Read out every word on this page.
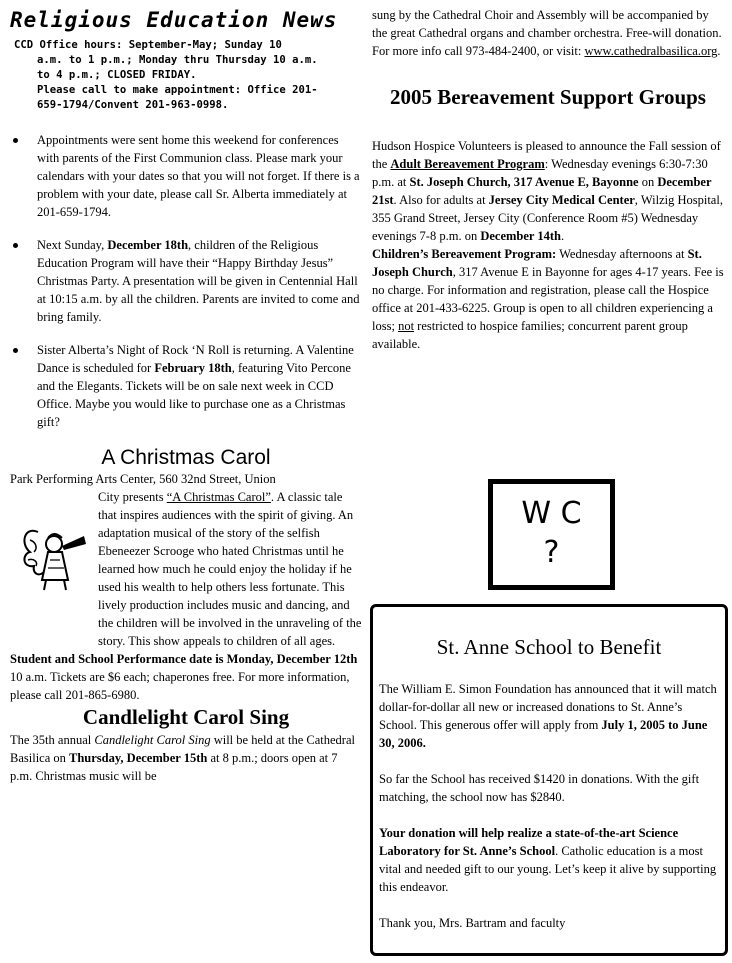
Religious Education News
CCD Office hours: September-May; Sunday 10
a.m. to 1 p.m.; Monday thru Thursday 10 a.m.
to 4 p.m.; CLOSED FRIDAY.
Please call to make appointment: Office 201-
659-1794/Convent 201-963-0998.
Appointments were sent home this weekend for conferences with parents of the First Communion class. Please mark your calendars with your dates so that you will not forget. If there is a problem with your date, please call Sr. Alberta immediately at 201-659-1794.
Next Sunday, December 18th, children of the Religious Education Program will have their “Happy Birthday Jesus” Christmas Party. A presentation will be given in Centennial Hall at 10:15 a.m. by all the children. Parents are invited to come and bring family.
Sister Alberta’s Night of Rock ‘N Roll is returning. A Valentine Dance is scheduled for February 18th, featuring Vito Percone and the Elegants. Tickets will be on sale next week in CCD Office. Maybe you would like to purchase one as a Christmas gift?
A Christmas Carol

Park Performing Arts Center, 560 32nd Street, Union
City presents “A Christmas Carol”. A classic tale that inspires audiences with the spirit of giving. An adaptation musical of the story of the selfish Ebeneezer Scrooge who hated Christmas until he learned how much he could enjoy the holiday if he used his wealth to help others less fortunate. This lively production includes music and dancing, and the children will be involved in the unraveling of the story. This show appeals to children of all ages.

Student and School Performance date is Monday, December 12th 10 a.m. Tickets are $6 each; chaperones free. For more information, please call 201-865-6980.

Candlelight Carol Sing

The 35th annual Candlelight Carol Sing will be held at the Cathedral Basilica on Thursday, December 15th at 8 p.m.; doors open at 7 p.m. Christmas music will be

sung by the Cathedral Choir and Assembly will be accompanied by the great Cathedral organs and chamber orchestra. Free-will donation. For more info call 973-484-2400, or visit: www.cathedralbasilica.org.

2005 Bereavement Support Groups

Hudson Hospice Volunteers is pleased to announce the Fall session of the Adult Bereavement Program: Wednesday evenings 6:30-7:30 p.m. at St. Joseph Church, 317 Avenue E, Bayonne on December 21st. Also for adults at Jersey City Medical Center, Wilzig Hospital, 355 Grand Street, Jersey City (Conference Room #5) Wednesday evenings 7-8 p.m. on December 14th.

Children’s Bereavement Program: Wednesday afternoons at St. Joseph Church, 317 Avenue E in Bayonne for ages 4-17 years. Fee is no charge. For information and registration, please call the Hospice office at 201-433-6225. Group is open to all children experiencing a loss; not restricted to hospice families; concurrent parent group available.

W C
?
St. Anne School to Benefit

The William E. Simon Foundation has announced that it will match dollar-for-dollar all new or increased donations to St. Anne’s School. This generous offer will apply from July 1, 2005 to June 30, 2006.

So far the School has received $1420 in donations. With the gift matching, the school now has $2840.

Your donation will help realize a state-of-the-art Science Laboratory for St. Anne’s School. Catholic education is a most vital and needed gift to our young. Let’s keep it alive by supporting this endeavor.

Thank you, Mrs. Bartram and faculty
